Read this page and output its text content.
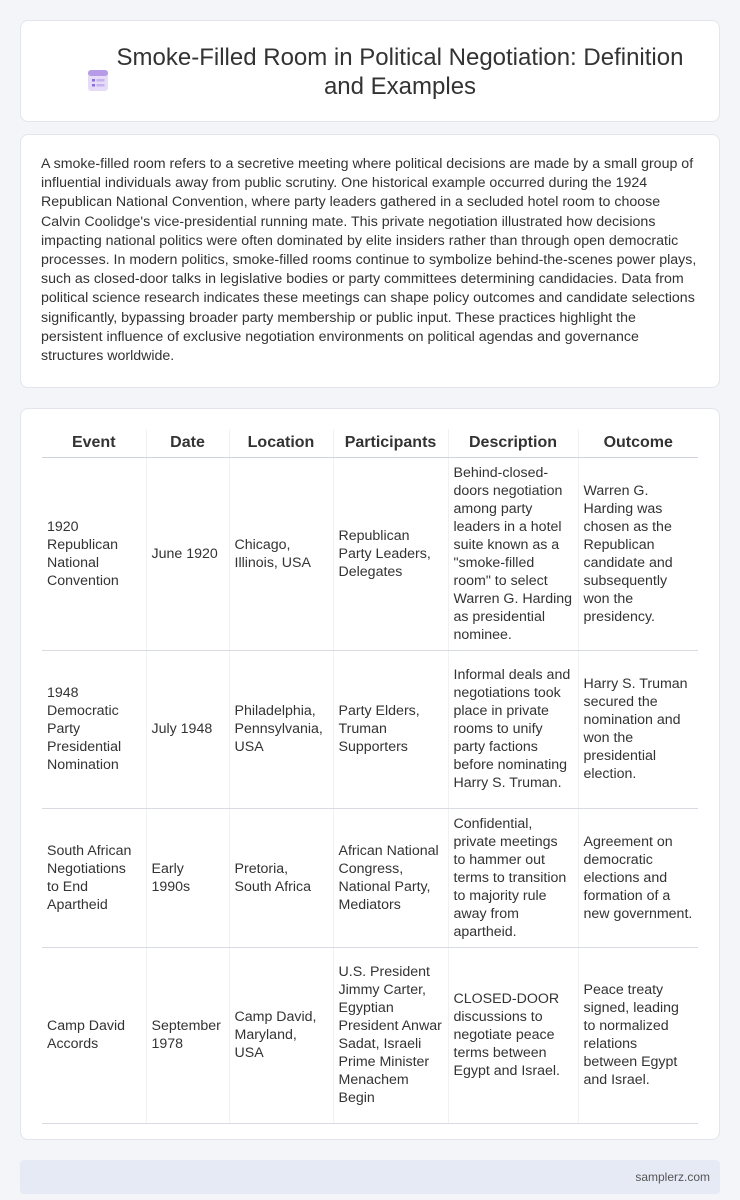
Smoke-Filled Room in Political Negotiation: Definition and Examples

A smoke-filled room refers to a secretive meeting where political decisions are made by a small group of influential individuals away from public scrutiny. One historical example occurred during the 1924 Republican National Convention, where party leaders gathered in a secluded hotel room to choose Calvin Coolidge's vice-presidential running mate. This private negotiation illustrated how decisions impacting national politics were often dominated by elite insiders rather than through open democratic processes. In modern politics, smoke-filled rooms continue to symbolize behind-the-scenes power plays, such as closed-door talks in legislative bodies or party committees determining candidacies. Data from political science research indicates these meetings can shape policy outcomes and candidate selections significantly, bypassing broader party membership or public input. These practices highlight the persistent influence of exclusive negotiation environments on political agendas and governance structures worldwide.

Event	Date	Location	Participants	Description	Outcome
1920 Republican National Convention	June 1920	Chicago, Illinois, USA	Republican Party Leaders, Delegates	Behind-closed-doors negotiation among party leaders in a hotel suite known as a "smoke-filled room" to select Warren G. Harding as presidential nominee.	Warren G. Harding was chosen as the Republican candidate and subsequently won the presidency.
1948 Democratic Party Presidential Nomination	July 1948	Philadelphia, Pennsylvania, USA	Party Elders, Truman Supporters	Informal deals and negotiations took place in private rooms to unify party factions before nominating Harry S. Truman.	Harry S. Truman secured the nomination and won the presidential election.
South African Negotiations to End Apartheid	Early 1990s	Pretoria, South Africa	African National Congress, National Party, Mediators	Confidential, private meetings to hammer out terms to transition to majority rule away from apartheid.	Agreement on democratic elections and formation of a new government.
Camp David Accords	September 1978	Camp David, Maryland, USA	U.S. President Jimmy Carter, Egyptian President Anwar Sadat, Israeli Prime Minister Menachem Begin	CLOSED-DOOR discussions to negotiate peace terms between Egypt and Israel.	Peace treaty signed, leading to normalized relations between Egypt and Israel.
samplerz.com
